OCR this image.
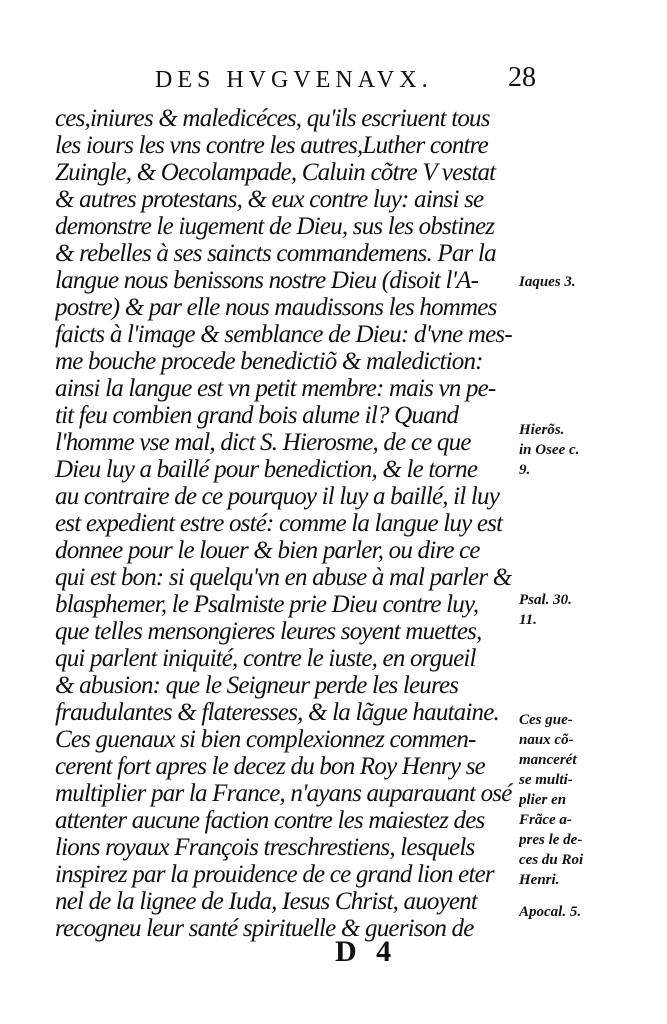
DES HVGVENAVX.	28
ces,iniures & maledicéces, qu'ils escriuent tous
les iours les vns contre les autres,Luther contre
Zuingle, & Oecolampade, Caluin cõtre V vestat
& autres protestans, & eux contre luy: ainsi se
demonstre le iugement de Dieu, sus les obstinez
& rebelles à ses saincts commandemens. Par la
langue nous benissons nostre Dieu (disoit l'A-
postre) & par elle nous maudissons les hommes
faicts à l'image & semblance de Dieu: d'vne mes-
me bouche procede benedictiõ & malediction:
ainsi la langue est vn petit membre: mais vn pe-
tit feu combien grand bois alume il? Quand
l'homme vse mal, dict S. Hierosme, de ce que
Dieu luy a baillé pour benediction, & le torne
au contraire de ce pourquoy il luy a baillé, il luy
est expedient estre osté: comme la langue luy est
donnee pour le louer & bien parler, ou dire ce
qui est bon: si quelqu'vn en abuse à mal parler &
blasphemer, le Psalmiste prie Dieu contre luy,
que telles mensongieres leures soyent muettes,
qui parlent iniquité, contre le iuste, en orgueil
& abusion: que le Seigneur perde les leures
fraudulantes & flateresses, & la lãgue hautaine.
Ces guenaux si bien complexionnez commen-
cerent fort apres le decez du bon Roy Henry se
multiplier par la France, n'ayans auparauant osé
attenter aucune faction contre les maiestez des
lions royaux François treschrestiens, lesquels
inspirez par la prouidence de ce grand lion eter
nel de la lignee de Iuda, Iesus Christ, auoyent
recogneu leur santé spirituelle & guerison de
Iaques 3.
Hierõs.
in Osee c.
9.
Psal. 30.
11.
Ces gue-
naux cõ-
mancerét
se multi-
plier en
Frãce a-
pres le de-
ces du Roi
Henri.
Apocal. 5.
D 4
